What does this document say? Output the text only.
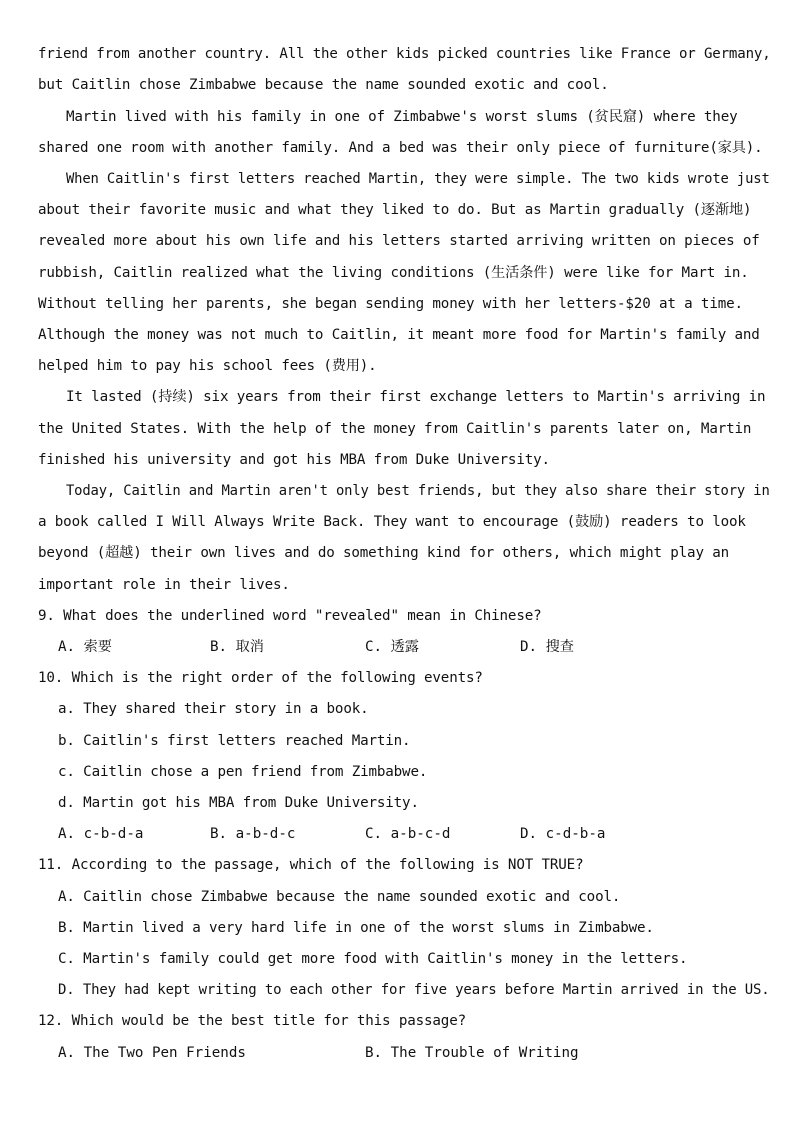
friend from another country. All the other kids picked countries like France or Germany,
but Caitlin chose Zimbabwe because the name sounded exotic and cool.
Martin lived with his family in one of Zimbabwe's worst slums (贫民窟) where they
shared one room with another family. And a bed was their only piece of furniture(家具).
When Caitlin's first letters reached Martin, they were simple. The two kids wrote just
about their favorite music and what they liked to do. But as Martin gradually (逐渐地)
revealed more about his own life and his letters started arriving written on pieces of
rubbish, Caitlin realized what the living conditions (生活条件) were like for Mart in.
Without telling her parents, she began sending money with her letters-$20 at a time.
Although the money was not much to Caitlin, it meant more food for Martin's family and
helped him to pay his school fees (费用).
It lasted (持续) six years from their first exchange letters to Martin's arriving in
the United States. With the help of the money from Caitlin's parents later on, Martin
finished his university and got his MBA from Duke University.
Today, Caitlin and Martin aren't only best friends, but they also share their story in
a book called I Will Always Write Back. They want to encourage (鼓励) readers to look
beyond (超越) their own lives and do something kind for others, which might play an
important role in their lives.
9. What does the underlined word "revealed" mean in Chinese?
A. 索要	B. 取消	C. 透露	D. 搜查
10. Which is the right order of the following events?
a. They shared their story in a book.
b. Caitlin's first letters reached Martin.
c. Caitlin chose a pen friend from Zimbabwe.
d. Martin got his MBA from Duke University.
A. c-b-d-a	B. a-b-d-c	C. a-b-c-d	D. c-d-b-a
11. According to the passage, which of the following is NOT TRUE?
A. Caitlin chose Zimbabwe because the name sounded exotic and cool.
B. Martin lived a very hard life in one of the worst slums in Zimbabwe.
C. Martin's family could get more food with Caitlin's money in the letters.
D. They had kept writing to each other for five years before Martin arrived in the US.
12. Which would be the best title for this passage?
A. The Two Pen Friends	B. The Trouble of Writing
